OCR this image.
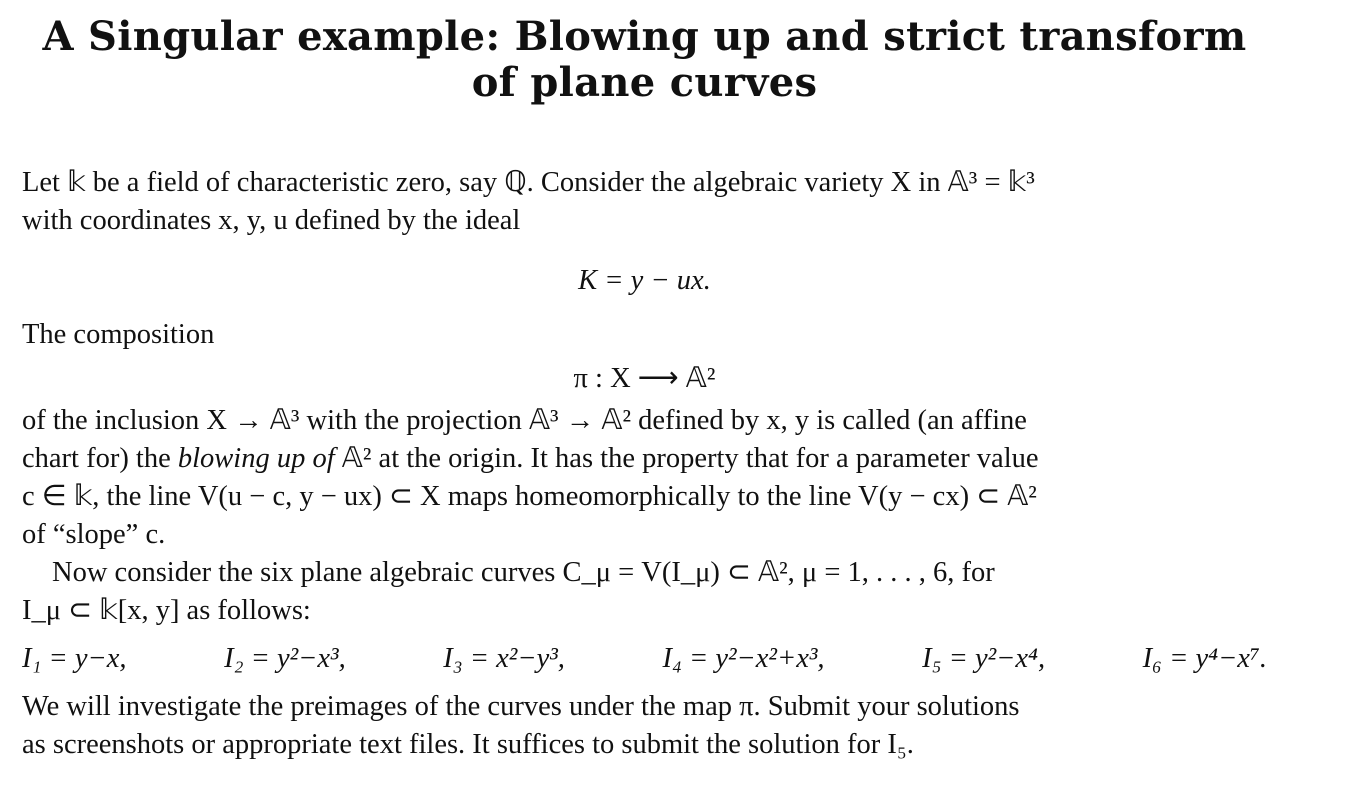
A Singular example: Blowing up and strict transform
of plane curves

Let 𝕜 be a field of characteristic zero, say ℚ. Consider the algebraic variety X in 𝔸³ = 𝕜³

with coordinates x, y, u defined by the ideal

K = y − ux.

The composition

π : X ⟶ 𝔸²

of the inclusion X → 𝔸³ with the projection 𝔸³ → 𝔸² defined by x, y is called (an affine

chart for) the blowing up of 𝔸² at the origin. It has the property that for a parameter value

c ∈ 𝕜, the line V(u − c, y − ux) ⊂ X maps homeomorphically to the line V(y − cx) ⊂ 𝔸²

of “slope” c.

Now consider the six plane algebraic curves C_μ = V(I_μ) ⊂ 𝔸², μ = 1, . . . , 6, for

I_μ ⊂ 𝕜[x, y] as follows:

I₁ = y−x,	I₂ = y²−x³,	I₃ = x²−y³,	I₄ = y²−x²+x³,	I₅ = y²−x⁴,	I₆ = y⁴−x⁷.

We will investigate the preimages of the curves under the map π. Submit your solutions

as screenshots or appropriate text files. It suffices to submit the solution for I₅.
